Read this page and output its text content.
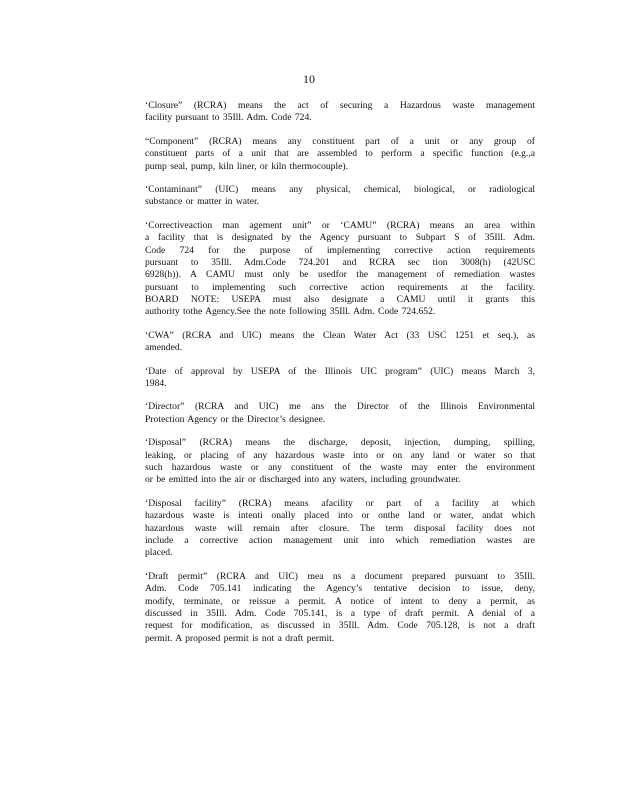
10
‘Closure” (RCRA) means the act of securing a Hazardous waste management
facility pursuant to 35Ill. Adm. Code 724.
“Component” (RCRA) means any constituent part of a unit or any group of
constituent parts of a unit that are assembled to perform a specific function (e.g.,a
pump seal, pump, kiln liner, or kiln thermocouple).
‘Contaminant” (UIC) means any physical, chemical, biological, or radiological
substance or matter in water.
‘Correctiveaction man agement unit” or ‘CAMU” (RCRA) means an area within
a facility that is designated by the Agency pursuant to Subpart S of 35Ill. Adm.
Code 724 for the purpose of implementing corrective action requirements
pursuant to 35Ill. Adm.Code 724.201 and RCRA sec tion 3008(h) (42USC
6928(h)). A CAMU must only be usedfor the management of remediation wastes
pursuant to implementing such corrective action requirements at the facility.
BOARD NOTE: USEPA must also designate a CAMU until it grants this
authority tothe Agency.See the note following 35Ill. Adm. Code 724.652.
‘CWA” (RCRA and UIC) means the Clean Water Act (33 USC 1251 et seq.), as
amended.
‘Date of approval by USEPA of the Illinois UIC program” (UIC) means March 3,
1984.
‘Director” (RCRA and UIC) me ans the Director of the Illinois Environmental
Protection Agency or the Director’s designee.
‘Disposal” (RCRA) means the discharge, deposit, injection, dumping, spilling,
leaking, or placing of any hazardous waste into or on any land or water so that
such hazardous waste or any constituent of the waste may enter the environment
or be emitted into the air or discharged into any waters, including groundwater.
‘Disposal facility” (RCRA) means afacility or part of a facility at which
hazardous waste is intenti onally placed into or onthe land or water, andat which
hazardous waste will remain after closure. The term disposal facility does not
include a corrective action management unit into which remediation wastes are
placed.
‘Draft permit” (RCRA and UIC) mea ns a document prepared pursuant to 35Ill.
Adm. Code 705.141 indicating the Agency’s tentative decision to issue, deny,
modify, terminate, or reissue a permit. A notice of intent to deny a permit, as
discussed in 35Ill. Adm. Code 705.141, is a type of draft permit. A denial of a
request for modification, as discussed in 35Ill. Adm. Code 705.128, is not a draft
permit. A proposed permit is not a draft permit.
